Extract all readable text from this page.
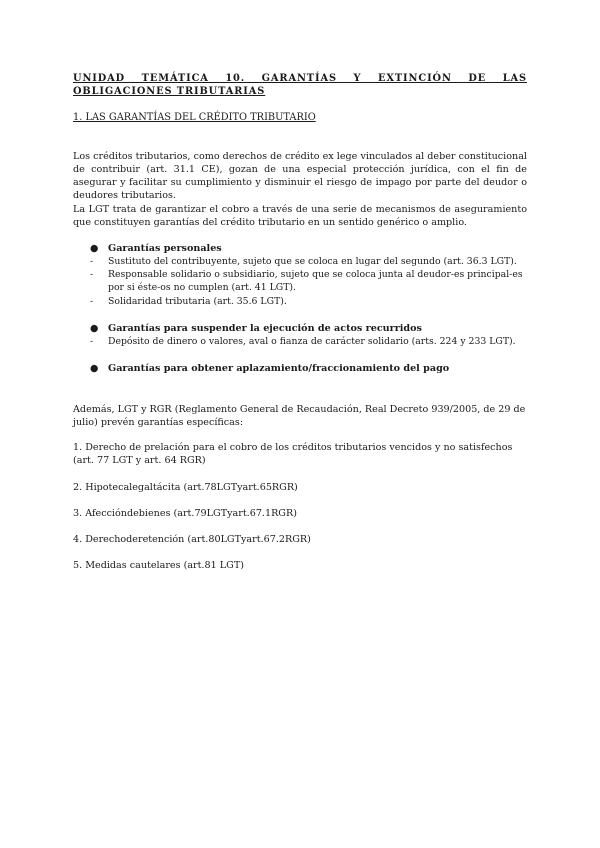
UNIDAD TEMÁTICA 10. GARANTÍAS Y EXTINCIÓN DE LAS OBLIGACIONES TRIBUTARIAS
1. LAS GARANTÍAS DEL CRÉDITO TRIBUTARIO
Los créditos tributarios, como derechos de crédito ex lege vinculados al deber constitucional de contribuir (art. 31.1 CE), gozan de una especial protección jurídica, con el fin de asegurar y facilitar su cumplimiento y disminuir el riesgo de impago por parte del deudor o deudores tributarios.
La LGT trata de garantizar el cobro a través de una serie de mecanismos de aseguramiento que constituyen garantías del crédito tributario en un sentido genérico o amplio.
● Garantías personales
- Sustituto del contribuyente, sujeto que se coloca en lugar del segundo (art. 36.3 LGT).
- Responsable solidario o subsidiario, sujeto que se coloca junta al deudor-es principal-es por si éste-os no cumplen (art. 41 LGT).
- Solidaridad tributaria (art. 35.6 LGT).
● Garantías para suspender la ejecución de actos recurridos
- Depósito de dinero o valores, aval o fianza de carácter solidario (arts. 224 y 233 LGT).
● Garantías para obtener aplazamiento/fraccionamiento del pago
Además, LGT y RGR (Reglamento General de Recaudación, Real Decreto 939/2005, de 29 de julio) prevén garantías específicas:
1. Derecho de prelación para el cobro de los créditos tributarios vencidos y no satisfechos (art. 77 LGT y art. 64 RGR)
2. Hipotecalegaltácita (art.78LGTyart.65RGR)
3. Afeccióndebienes (art.79LGTyart.67.1RGR)
4. Derechoderetención (art.80LGTyart.67.2RGR)
5. Medidas cautelares (art.81 LGT)
